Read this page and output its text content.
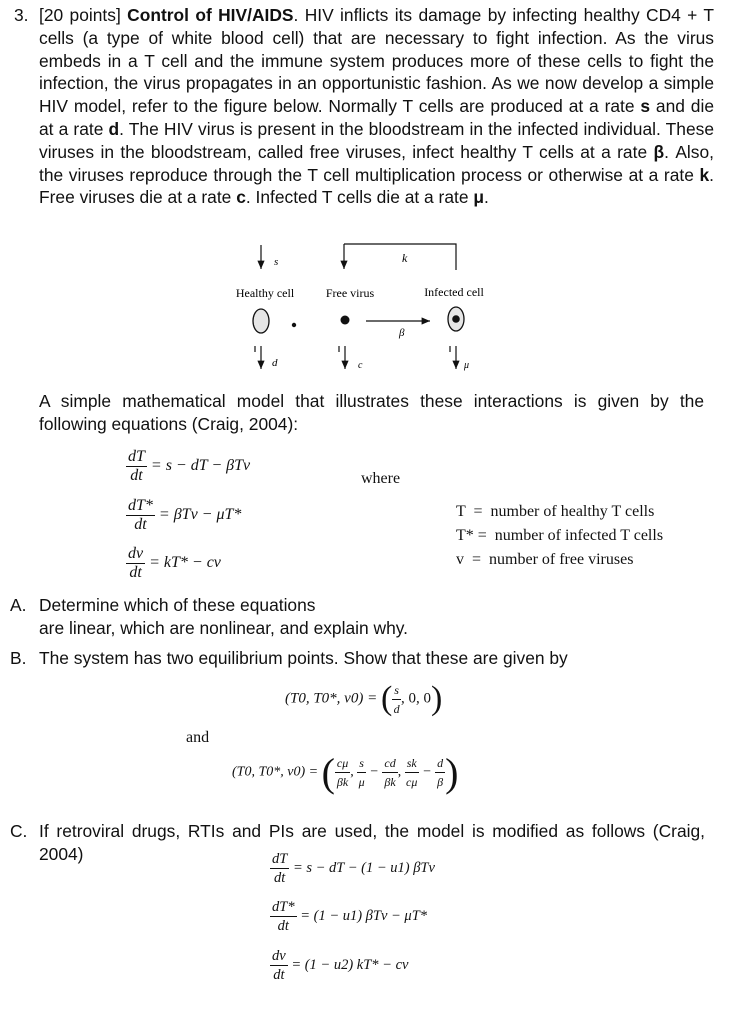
3. [20 points] Control of HIV/AIDS. HIV inflicts its damage by infecting healthy CD4 + T cells (a type of white blood cell) that are necessary to fight infection. As the virus embeds in a T cell and the immune system produces more of these cells to fight the infection, the virus propagates in an opportunistic fashion. As we now develop a simple HIV model, refer to the figure below. Normally T cells are produced at a rate s and die at a rate d. The HIV virus is present in the bloodstream in the infected individual. These viruses in the bloodstream, called free viruses, infect healthy T cells at a rate β. Also, the viruses reproduce through the T cell multiplication process or otherwise at a rate k. Free viruses die at a rate c. Infected T cells die at a rate μ.
s	k
Healthy cell	Free virus	Infected cell
β
d	c	μ
A simple mathematical model that illustrates these interactions is given by the following equations (Craig, 2004):
$\frac{dT}{dt} = s$ − dT − βTv
$\frac{dT*}{dt} = \beta Tv - \mu T*$
$\frac{dv}{dt} = kT*$ − cv
where
T  =  number of healthy T cells
T* =  number of infected T cells
v  =  number of free viruses
A. Determine which of these equations
are linear, which are nonlinear, and explain why.
B. The system has two equilibrium points. Show that these are given by
(T0, T0*, v0) = ( $\frac{s}{d}$ , 0, 0)
and
(T0, T0*, v0) = ( $\frac{c\mu}{\beta k}$ , $\frac{s}{\mu} - \frac{cd}{\beta k}$ , $\frac{sk}{c\mu} - \frac{d}{\beta}$ )
C. If retroviral drugs, RTIs and PIs are used, the model is modified as follows (Craig, 2004)	$\frac{dT}{dt} = s$ − dT − (1 − u1) βTv
$\frac{dT*}{dt} = (1 - u1) \beta Tv - \mu T*$
$\frac{dv}{dt} = (1 - u2) kT*$ − cv
